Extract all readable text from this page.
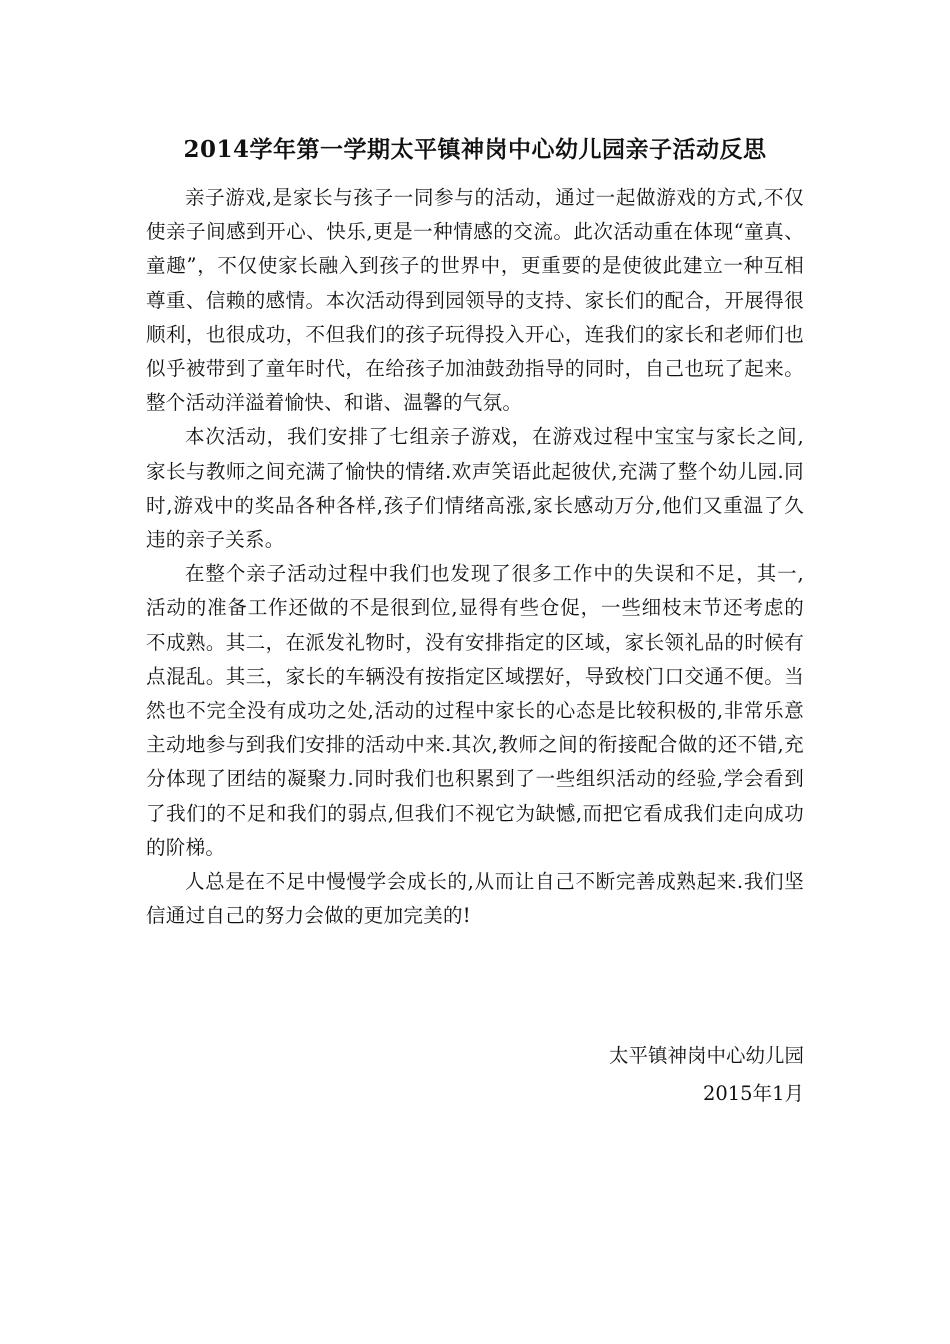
2014学年第一学期太平镇神岗中心幼儿园亲子活动反思

亲子游戏,是家长与孩子一同参与的活动，通过一起做游戏的方式,不仅使亲子间感到开心、快乐,更是一种情感的交流。此次活动重在体现“童真、童趣”，不仅使家长融入到孩子的世界中，更重要的是使彼此建立一种互相尊重、信赖的感情。本次活动得到园领导的支持、家长们的配合，开展得很顺利，也很成功，不但我们的孩子玩得投入开心，连我们的家长和老师们也似乎被带到了童年时代，在给孩子加油鼓劲指导的同时，自己也玩了起来。整个活动洋溢着愉快、和谐、温馨的气氛。

本次活动，我们安排了七组亲子游戏，在游戏过程中宝宝与家长之间,家长与教师之间充满了愉快的情绪.欢声笑语此起彼伏,充满了整个幼儿园.同时,游戏中的奖品各种各样,孩子们情绪高涨,家长感动万分,他们又重温了久违的亲子关系。

在整个亲子活动过程中我们也发现了很多工作中的失误和不足，其一,活动的准备工作还做的不是很到位,显得有些仓促，一些细枝末节还考虑的不成熟。其二，在派发礼物时，没有安排指定的区域，家长领礼品的时候有点混乱。其三，家长的车辆没有按指定区域摆好，导致校门口交通不便。当然也不完全没有成功之处,活动的过程中家长的心态是比较积极的,非常乐意主动地参与到我们安排的活动中来.其次,教师之间的衔接配合做的还不错,充分体现了团结的凝聚力.同时我们也积累到了一些组织活动的经验,学会看到了我们的不足和我们的弱点,但我们不视它为缺憾,而把它看成我们走向成功的阶梯。

人总是在不足中慢慢学会成长的,从而让自己不断完善成熟起来.我们坚信通过自己的努力会做的更加完美的!

太平镇神岗中心幼儿园
2015年1月
